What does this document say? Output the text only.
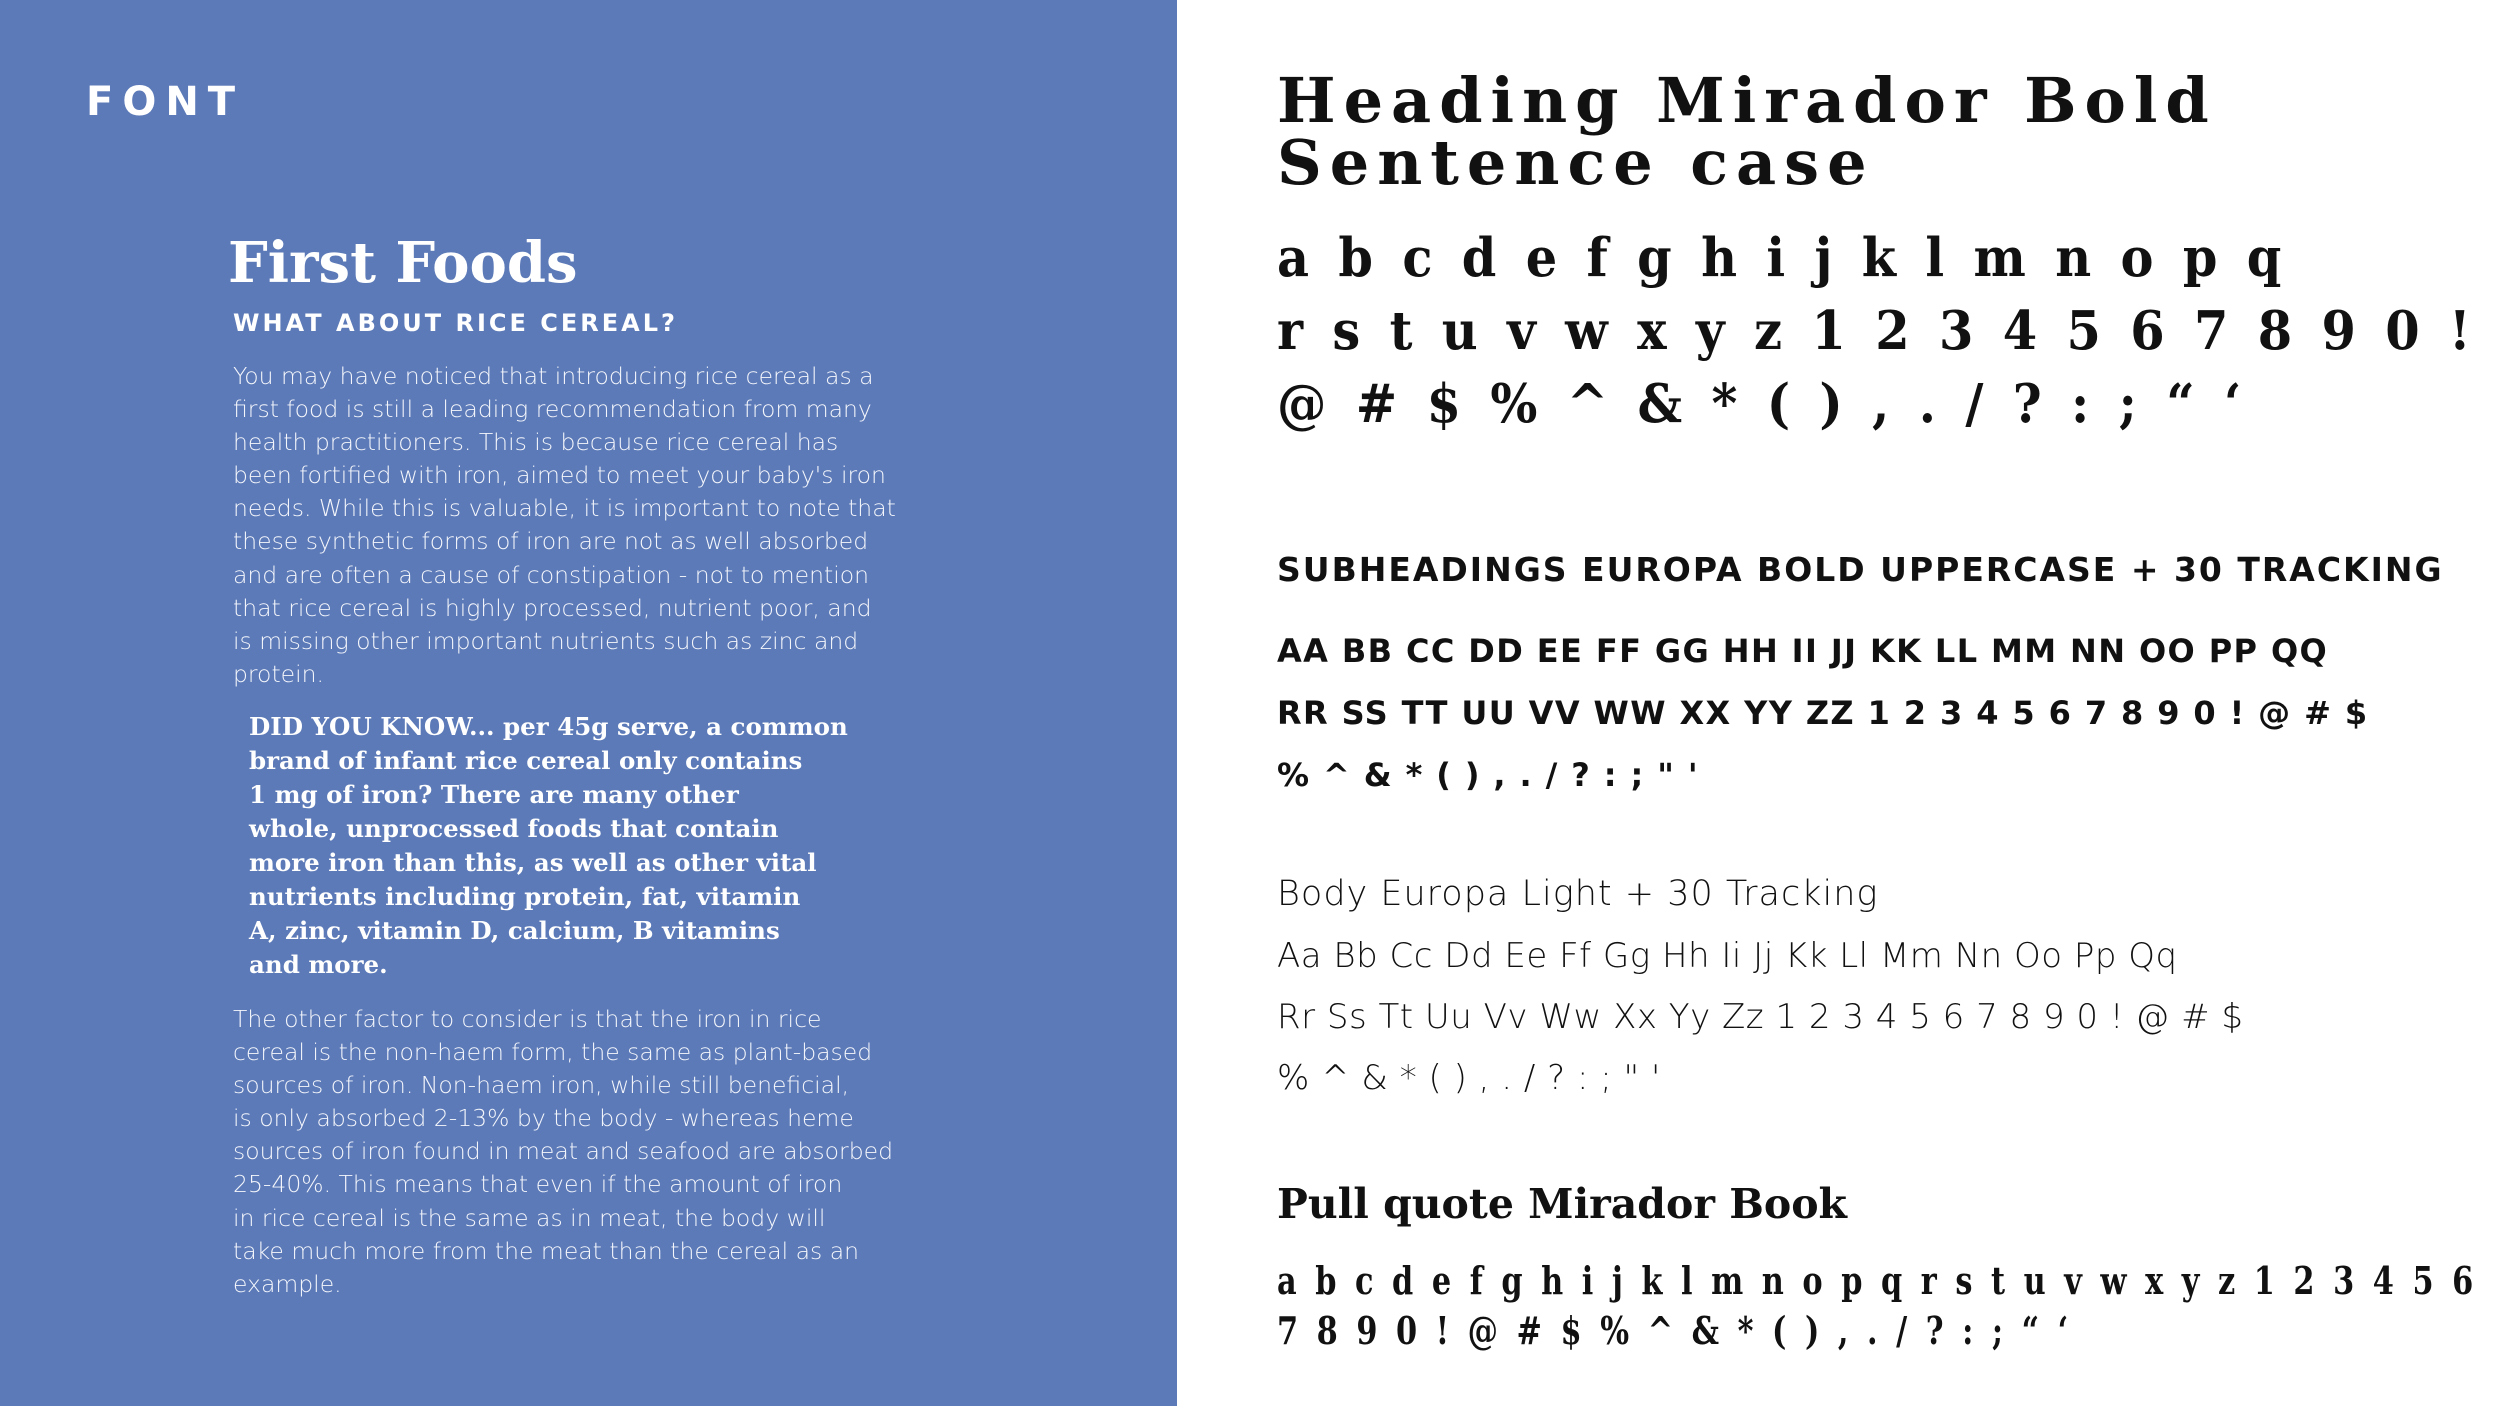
FONT
First Foods
WHAT ABOUT RICE CEREAL?

You may have noticed that introducing rice cereal as a
first food is still a leading recommendation from many
health practitioners. This is because rice cereal has
been fortified with iron, aimed to meet your baby's iron
needs. While this is valuable, it is important to note that
these synthetic forms of iron are not as well absorbed
and are often a cause of constipation - not to mention
that rice cereal is highly processed, nutrient poor, and
is missing other important nutrients such as zinc and
protein.

DID YOU KNOW... per 45g serve, a common
brand of infant rice cereal only contains
1 mg of iron? There are many other
whole, unprocessed foods that contain
more iron than this, as well as other vital
nutrients including protein, fat, vitamin
A, zinc, vitamin D, calcium, B vitamins
and more.

The other factor to consider is that the iron in rice
cereal is the non-haem form, the same as plant-based
sources of iron. Non-haem iron, while still beneficial,
is only absorbed 2-13% by the body - whereas heme
sources of iron found in meat and seafood are absorbed
25-40%. This means that even if the amount of iron
in rice cereal is the same as in meat, the body will
take much more from the meat than the cereal as an
example.

Heading Mirador Bold
Sentence case
a b c d e f g h i j k l m n o p q
r s t u v w x y z 1 2 3 4 5 6 7 8 9 0 !
@ # $ % ^ & * ( ) , . / ? : ; “ ‘
SUBHEADINGS EUROPA BOLD UPPERCASE + 30 TRACKING
AA BB CC DD EE FF GG HH II JJ KK LL MM NN OO PP QQ
RR SS TT UU VV WW XX YY ZZ 1 2 3 4 5 6 7 8 9 0 ! @ # $
% ^ & * ( ) , . / ? : ; " '
Body Europa Light + 30 Tracking
Aa Bb Cc Dd Ee Ff Gg Hh Ii Jj Kk Ll Mm Nn Oo Pp Qq
Rr Ss Tt Uu Vv Ww Xx Yy Zz 1 2 3 4 5 6 7 8 9 0 ! @ # $
% ^ & * ( ) , . / ? : ; " '
Pull quote Mirador Book
a b c d e f g h i j k l m n o p q r s t u v w x y z 1 2 3 4 5 6
7 8 9 0 ! @ # $ % ^ & * ( ) , . / ? : ; “ ‘
